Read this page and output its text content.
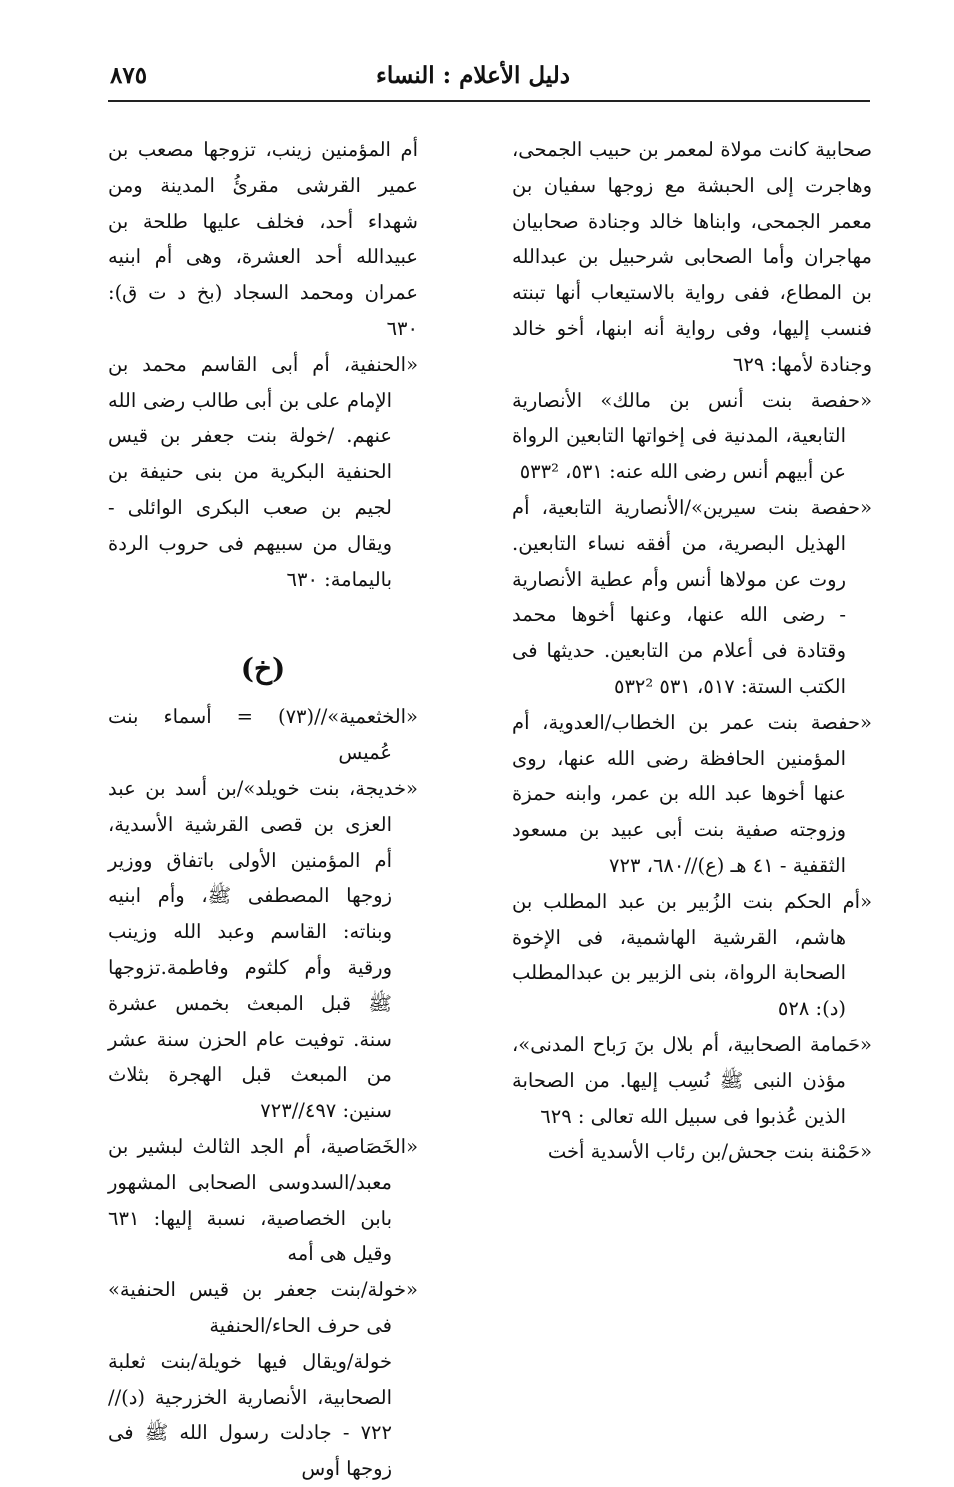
دليل الأعلام : النساء
٨٧٥

صحابية كانت مولاة لمعمر بن حبيب الجمحى، وهاجرت إلى الحبشة مع زوجها سفيان بن معمر الجمحى، وابناها خالد وجنادة صحابيان مهاجران وأما الصحابى شرحبيل بن عبدالله بن المطاع، ففى رواية بالاستيعاب أنها تبنته فنسب إليها، وفى رواية أنه ابنها، أخو خالد وجنادة لأمها: ٦٢٩

«حفصة بنت أنس بن مالك» الأنصارية التابعية، المدنية فى إخواتها التابعين الرواة عن أبيهم أنس رضى الله عنه: ٥٣١، ٥٣٣²

«حفصة بنت سيرين»/الأنصارية التابعية، أم الهذيل البصرية، من أفقه نساء التابعين. روت عن مولاها أنس وأم عطية الأنصارية - رضى الله عنها، وعنها أخوها محمد وقتادة فى أعلام من التابعين. حديثها فى الكتب الستة: ٥١٧، ٥٣١ ٥٣٢²

«حفصة بنت عمر بن الخطاب/العدوية، أم المؤمنين الحافظة رضى الله عنها، روى عنها أخوها عبد الله بن عمر، وابنه حمزة وزوجته صفية بنت أبى عبيد بن مسعود الثقفية - ٤١ هـ (ع)//٦٨٠، ٧٢٣

«أم الحكم بنت الزُبير بن عبد المطلب بن هاشم، القرشية الهاشمية، فى الإخوة الصحابة الرواة، بنى الزبير بن عبدالمطلب (د): ٥٢٨

«حَمامة الصحابية، أم بلال بنَ رَباح المدنى»، مؤذن النبى ﷺ نُسِب إليها. من الصحابة الذين عُذبوا فى سبيل الله تعالى : ٦٢٩

«حَمْنة بنت جحش/بن رئاب الأسدية أخت

أم المؤمنين زينب، تزوجها مصعب بن عمير القرشى مقرئُ المدينة ومن شهداء أحد، فخلف عليها طلحة بن عبيدالله أحد العشرة، وهى أم ابنيه عمران ومحمد السجاد (بخ د ت ق): ٦٣٠

«الحنفية، أم أبى القاسم محمد بن الإمام على بن أبى طالب رضى الله عنهم. /خولة بنت جعفر بن قيس الحنفية البكرية من بنى حنيفة بن لجيم بن صعب البكرى الوائلى - ويقال من سبيهم فى حروب الردة باليمامة: ٦٣٠

(خ)

«الخثعمية»//(٧٣) = أسماء بنت عُميس

«خديجة، بنت خويلد»/بن أسد بن عبد العزى بن قصى القرشية الأسدية، أم المؤمنين الأولى باتفاق ووزير زوجها المصطفى ﷺ، وأم ابنيه وبناته: القاسم وعبد الله وزينب ورقية وأم كلثوم وفاطمة.تزوجها ﷺ قبل المبعث بخمس عشرة سنة. توفيت عام الحزن سنة عشر من المبعث قبل الهجرة بثلاث سنين: ٤٩٧//٧٢٣

«الخَصَاصية، أم الجد الثالث لبشير بن معبد/السدوسى الصحابى المشهور بابن الخصاصية، نسبة إليها: ٦٣١ وقيل هى أمه

«خولة/بنت جعفر بن قيس الحنفية» فى حرف الحاء/الحنفية

خولة/ويقال فيها خويلة/بنت ثعلبة الصحابية، الأنصارية الخزرجية (د)//٧٢٢ - جادلت رسول الله ﷺ فى زوجها أوس
